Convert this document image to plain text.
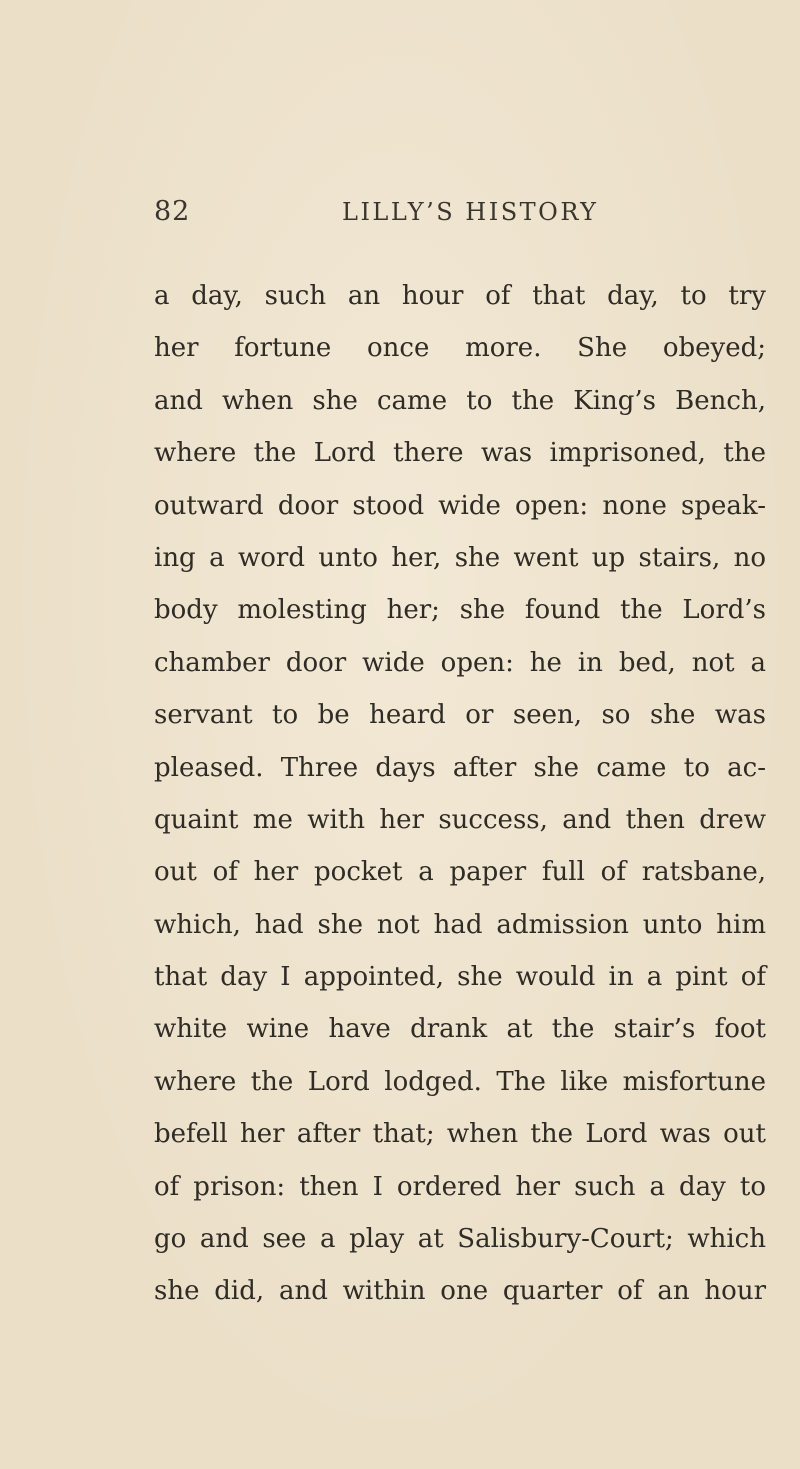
82	LILLY’S HISTORY
a day, such an hour of that day, to try
her fortune once more. She obeyed;
and when she came to the King’s Bench,
where the Lord there was imprisoned, the
outward door stood wide open: none speak-
ing a word unto her, she went up stairs, no
body molesting her; she found the Lord’s
chamber door wide open: he in bed, not a
servant to be heard or seen, so she was
pleased. Three days after she came to ac-
quaint me with her success, and then drew
out of her pocket a paper full of ratsbane,
which, had she not had admission unto him
that day I appointed, she would in a pint of
white wine have drank at the stair’s foot
where the Lord lodged. The like misfortune
befell her after that; when the Lord was out
of prison: then I ordered her such a day to
go and see a play at Salisbury-Court; which
she did, and within one quarter of an hour
